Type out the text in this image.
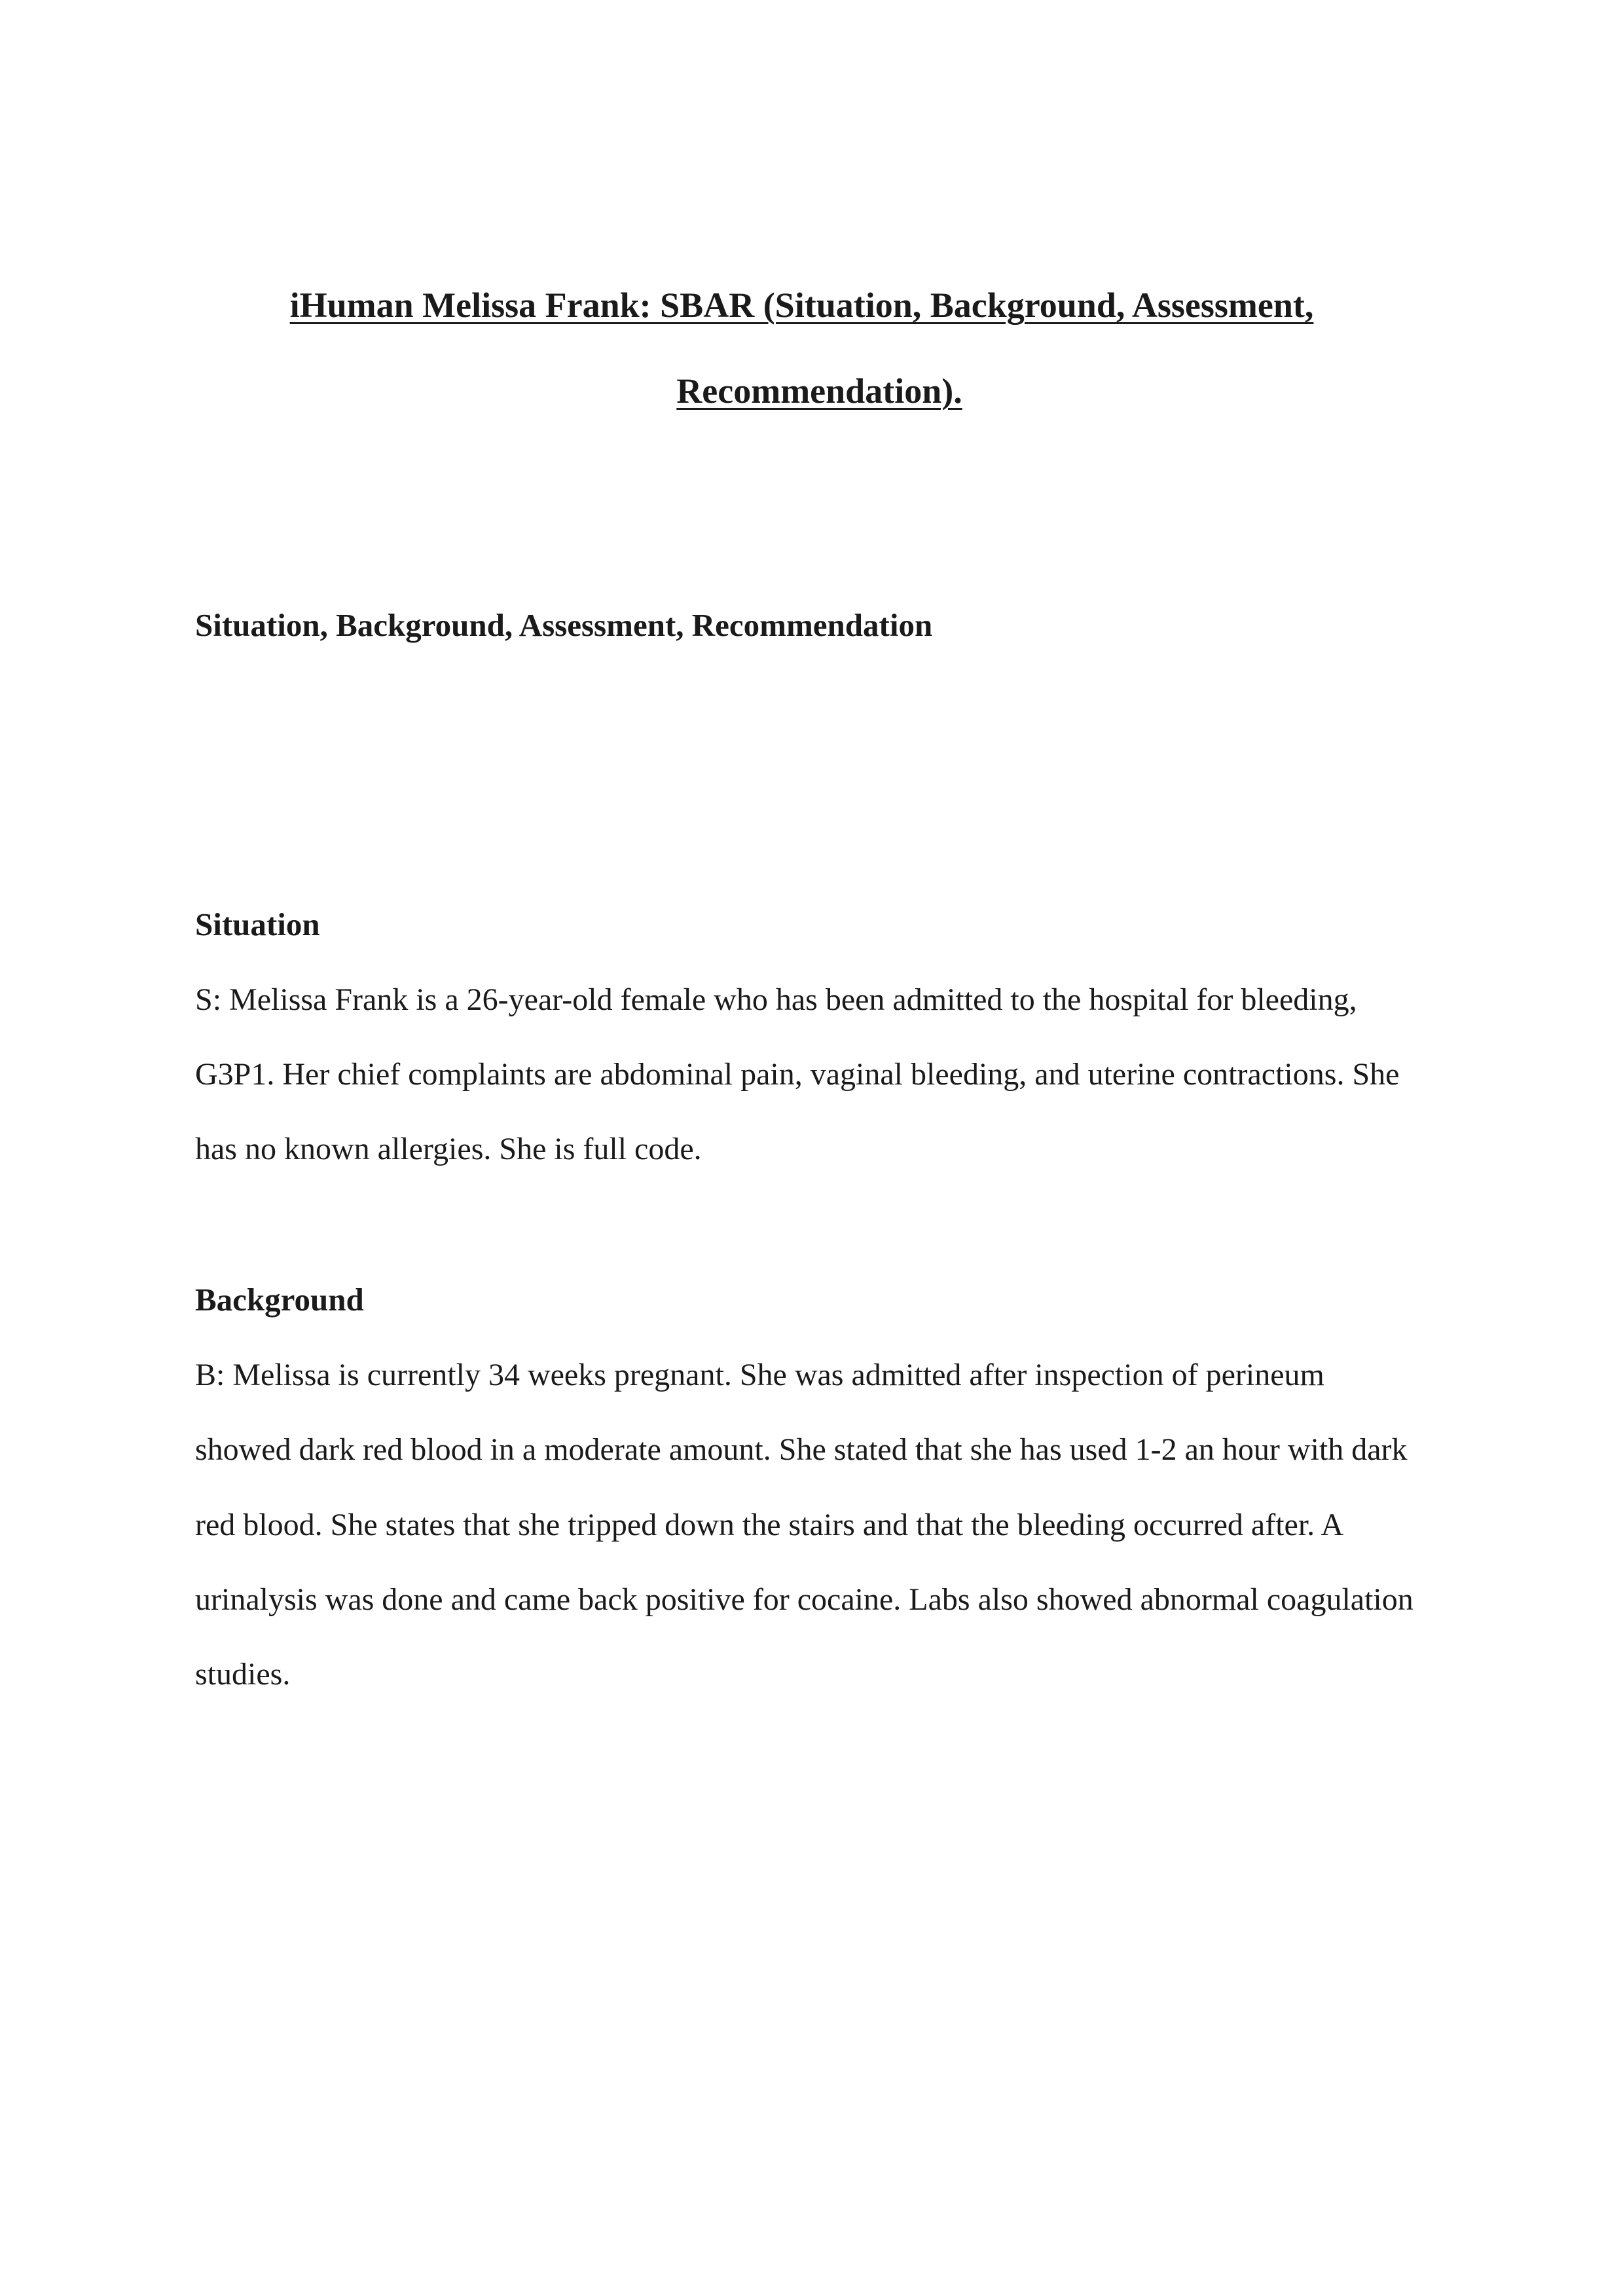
iHuman Melissa Frank: SBAR (Situation, Background, Assessment,
Recommendation).
Situation, Background, Assessment, Recommendation
Situation
S: Melissa Frank is a 26-year-old female who has been admitted to the hospital for bleeding,
G3P1. Her chief complaints are abdominal pain, vaginal bleeding, and uterine contractions. She
has no known allergies. She is full code.
Background
B: Melissa is currently 34 weeks pregnant. She was admitted after inspection of perineum
showed dark red blood in a moderate amount. She stated that she has used 1-2 an hour with dark
red blood. She states that she tripped down the stairs and that the bleeding occurred after. A
urinalysis was done and came back positive for cocaine. Labs also showed abnormal coagulation
studies.
